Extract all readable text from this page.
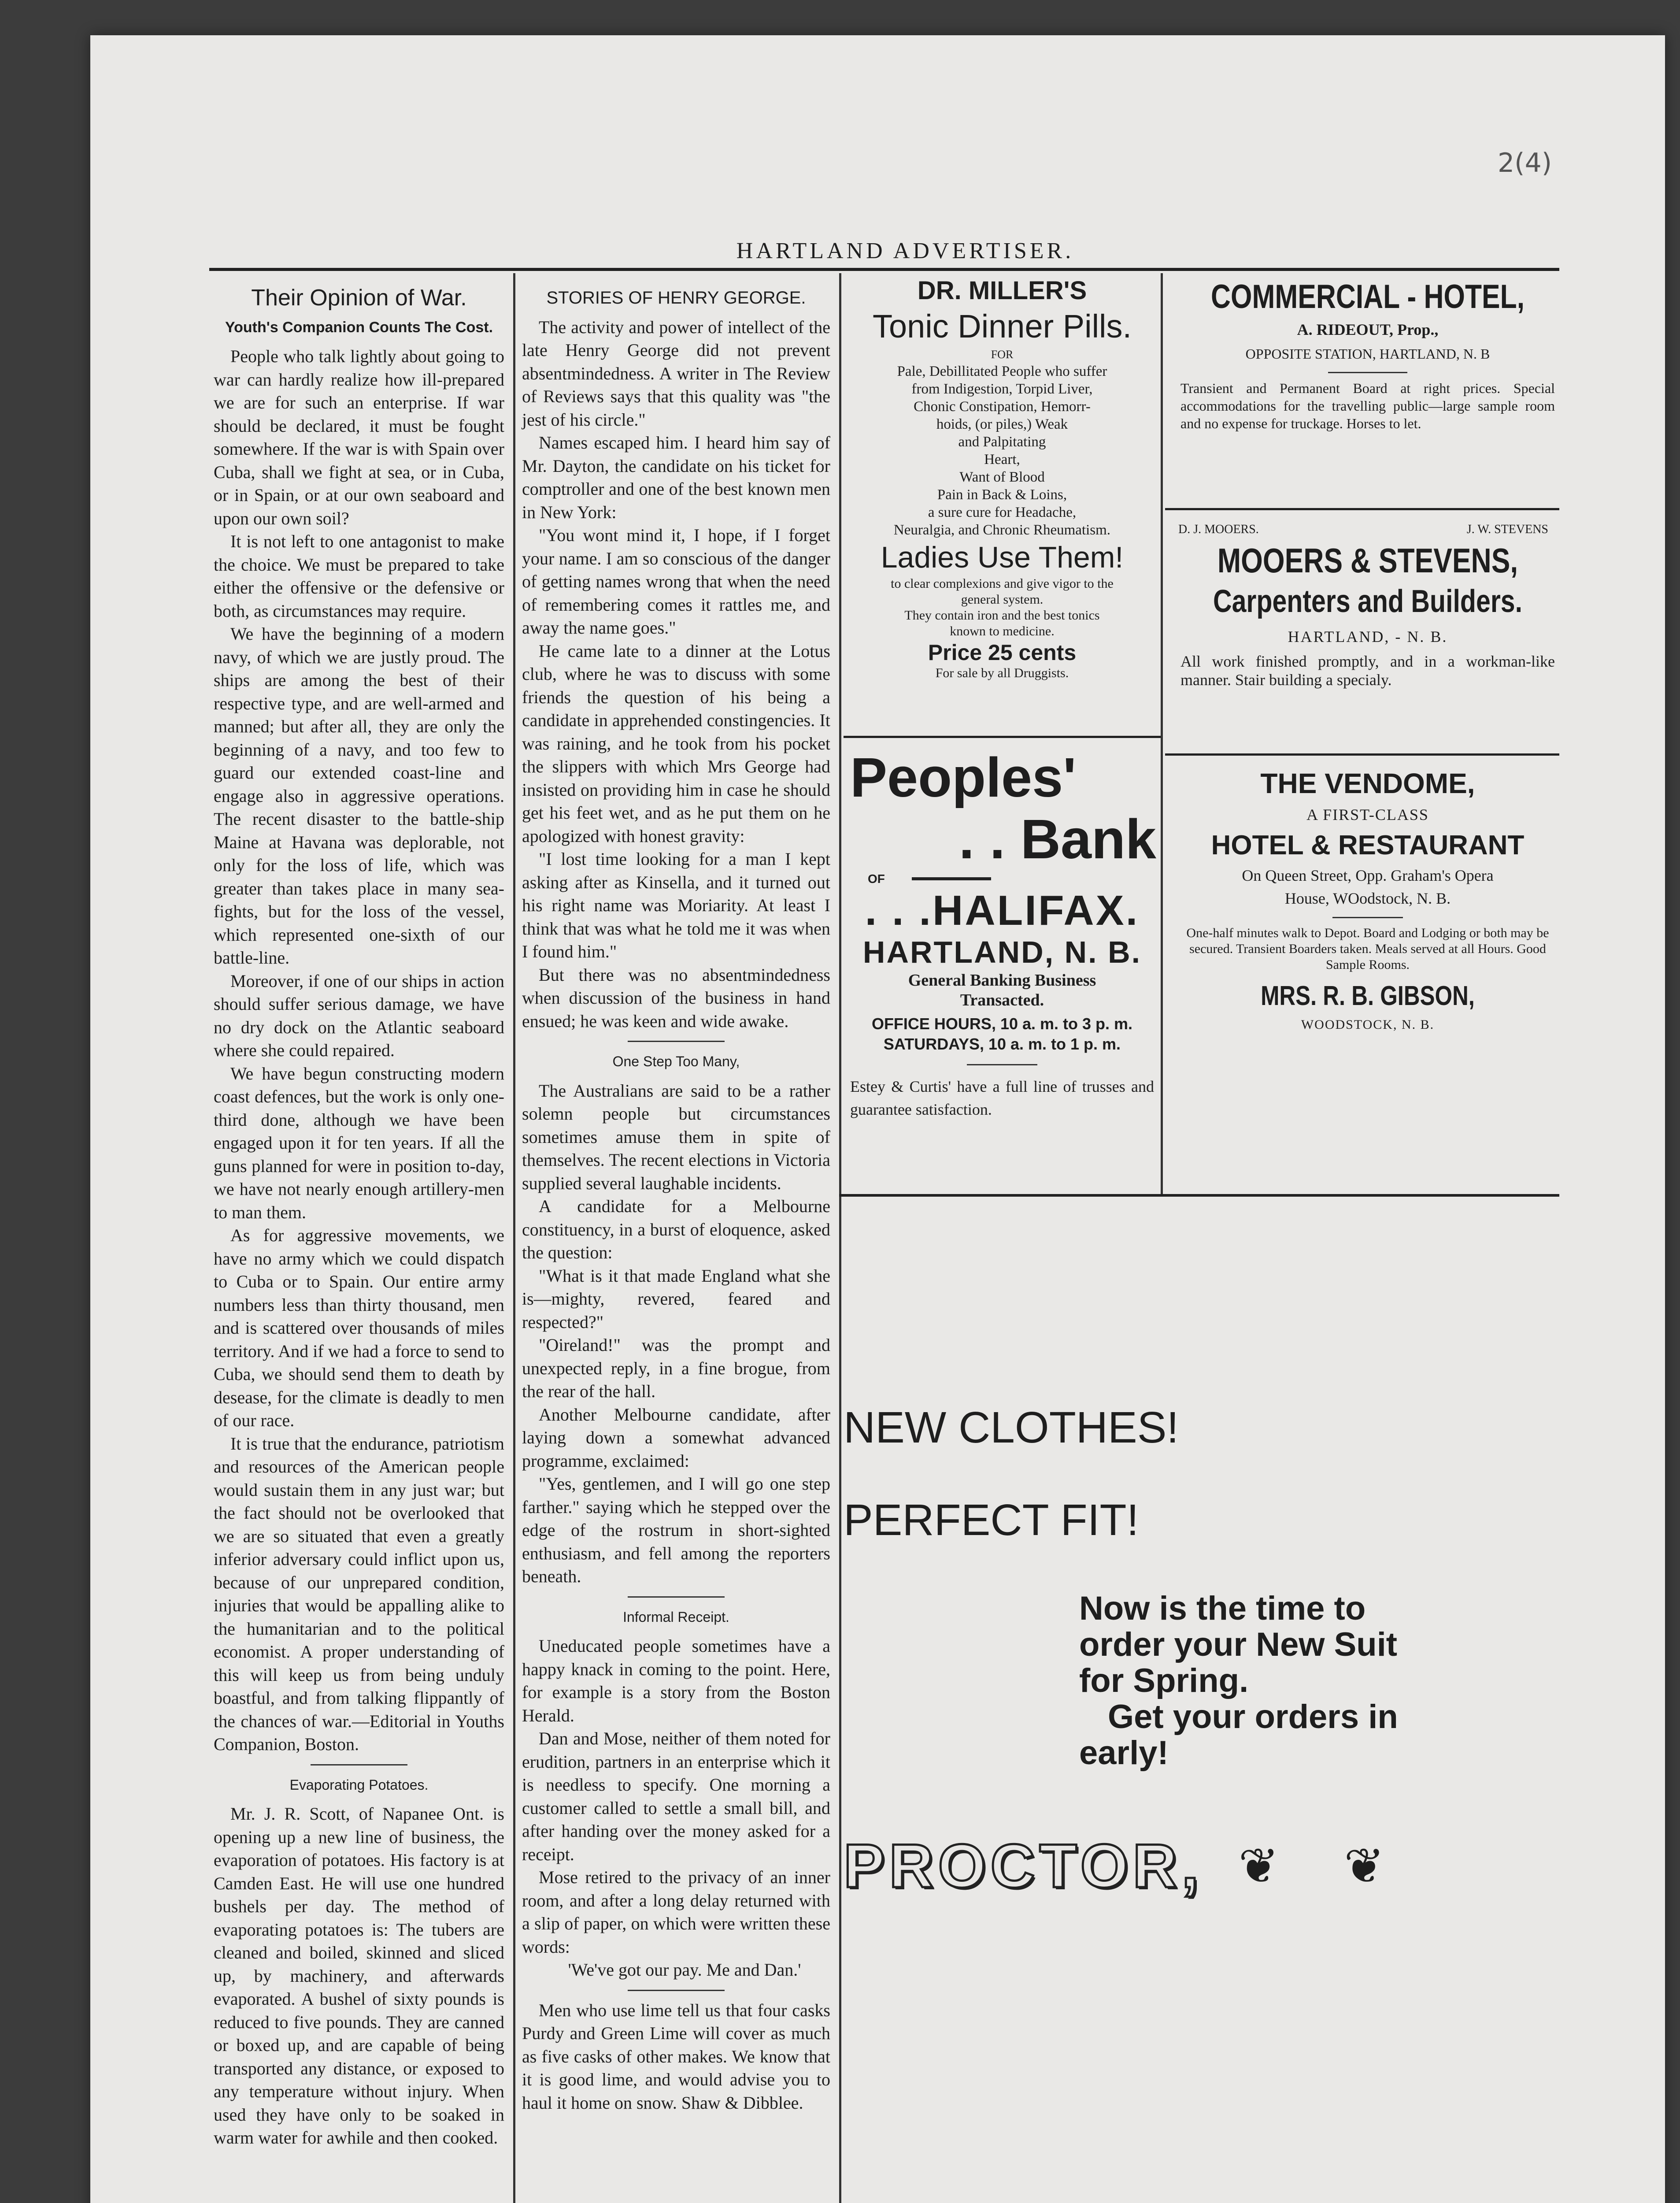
2(4)
HARTLAND ADVERTISER.
Their Opinion of War.
Youth's Companion Counts The Cost.

People who talk lightly about going to war can hardly realize how ill-prepared we are for such an enterprise. If war should be declared, it must be fought somewhere. If the war is with Spain over Cuba, shall we fight at sea, or in Cuba, or in Spain, or at our own seaboard and upon our own soil?

It is not left to one antagonist to make the choice. We must be prepared to take either the offensive or the defensive or both, as circumstances may require.

We have the beginning of a modern navy, of which we are justly proud. The ships are among the best of their respective type, and are well-armed and manned; but after all, they are only the beginning of a navy, and too few to guard our extended coast-line and engage also in aggressive operations. The recent disaster to the battle-ship Maine at Havana was deplorable, not only for the loss of life, which was greater than takes place in many sea-fights, but for the loss of the vessel, which represented one-sixth of our battle-line.

Moreover, if one of our ships in action should suffer serious damage, we have no dry dock on the Atlantic seaboard where she could repaired.

We have begun constructing modern coast defences, but the work is only one-third done, although we have been engaged upon it for ten years. If all the guns planned for were in position to-day, we have not nearly enough artillery-men to man them.

As for aggressive movements, we have no army which we could dispatch to Cuba or to Spain. Our entire army numbers less than thirty thousand, men and is scattered over thousands of miles territory. And if we had a force to send to Cuba, we should send them to death by desease, for the climate is deadly to men of our race.

It is true that the endurance, patriotism and resources of the American people would sustain them in any just war; but the fact should not be overlooked that we are so situated that even a greatly inferior adversary could inflict upon us, because of our unprepared condition, injuries that would be appalling alike to the humanitarian and to the political economist. A proper understanding of this will keep us from being unduly boastful, and from talking flippantly of the chances of war.—Editorial in Youths Companion, Boston.

Evaporating Potatoes.

Mr. J. R. Scott, of Napanee Ont. is opening up a new line of business, the evaporation of potatoes. His factory is at Camden East. He will use one hundred bushels per day. The method of evaporating potatoes is: The tubers are cleaned and boiled, skinned and sliced up, by machinery, and afterwards evaporated. A bushel of sixty pounds is reduced to five pounds. They are canned or boxed up, and are capable of being transported any distance, or exposed to any temperature without injury. When used they have only to be soaked in warm water for awhile and then cooked.

STORIES OF HENRY GEORGE.

The activity and power of intellect of the late Henry George did not prevent absentmindedness. A writer in The Review of Reviews says that this quality was "the jest of his circle."

Names escaped him. I heard him say of Mr. Dayton, the candidate on his ticket for comptroller and one of the best known men in New York:

"You wont mind it, I hope, if I forget your name. I am so conscious of the danger of getting names wrong that when the need of remembering comes it rattles me, and away the name goes."

He came late to a dinner at the Lotus club, where he was to discuss with some friends the question of his being a candidate in apprehended constingencies. It was raining, and he took from his pocket the slippers with which Mrs George had insisted on providing him in case he should get his feet wet, and as he put them on he apologized with honest gravity:

"I lost time looking for a man I kept asking after as Kinsella, and it turned out his right name was Moriarity. At least I think that was what he told me it was when I found him."

But there was no absentmindedness when discussion of the business in hand ensued; he was keen and wide awake.

One Step Too Many,

The Australians are said to be a rather solemn people but circumstances sometimes amuse them in spite of themselves. The recent elections in Victoria supplied several laughable incidents.

A candidate for a Melbourne constituency, in a burst of eloquence, asked the question:

"What is it that made England what she is—mighty, revered, feared and respected?"

"Oireland!" was the prompt and unexpected reply, in a fine brogue, from the rear of the hall.

Another Melbourne candidate, after laying down a somewhat advanced programme, exclaimed:

"Yes, gentlemen, and I will go one step farther." saying which he stepped over the edge of the rostrum in short-sighted enthusiasm, and fell among the reporters beneath.

Informal Receipt.

Uneducated people sometimes have a happy knack in coming to the point. Here, for example is a story from the Boston Herald.

Dan and Mose, neither of them noted for erudition, partners in an enterprise which it is needless to specify. One morning a customer called to settle a small bill, and after handing over the money asked for a receipt.

Mose retired to the privacy of an inner room, and after a long delay returned with a slip of paper, on which were written these words:

'We've got our pay. Me and Dan.'

Men who use lime tell us that four casks Purdy and Green Lime will cover as much as five casks of other makes. We know that it is good lime, and would advise you to haul it home on snow. Shaw & Dibblee.

DR. MILLER'S
Tonic Dinner Pills.
FOR
Pale, Debillitated People who suffer
from Indigestion, Torpid Liver,
Chonic Constipation, Hemorr-
hoids, (or piles,) Weak
and Palpitating
Heart,
Want of Blood
Pain in Back & Loins,
a sure cure for Headache,
Neuralgia, and Chronic Rheumatism.
Ladies Use Them!
to clear complexions and give vigor to the
general system.
They contain iron and the best tonics
known to medicine.
Price 25 cents
For sale by all Druggists.
Peoples'
. . Bank
OF
. . .HALIFAX.
HARTLAND, N. B.
General Banking Business
Transacted.
OFFICE HOURS, 10 a. m. to 3 p. m.
SATURDAYS, 10 a. m. to 1 p. m.
Estey & Curtis' have a full line of trusses and guarantee satisfaction.
COMMERCIAL - HOTEL,
A. RIDEOUT, Prop.,
OPPOSITE STATION, HARTLAND, N. B
Transient and Permanent Board at right prices. Special accommodations for the travelling public—large sample room and no expense for truckage. Horses to let.
D. J. MOOERS.	J. W. STEVENS
MOOERS & STEVENS,
Carpenters and Builders.
HARTLAND, - N. B.
All work finished promptly, and in a workman-like manner. Stair building a specialy.
THE VENDOME,
A FIRST-CLASS
HOTEL & RESTAURANT
On Queen Street, Opp. Graham's Opera
House, WOodstock, N. B.
One-half minutes walk to Depot. Board and Lodging or both may be secured. Transient Boarders taken. Meals served at all Hours. Good Sample Rooms.
MRS. R. B. GIBSON,
WOODSTOCK, N. B.
NEW CLOTHES!
PERFECT FIT!
Now is the time to
order your New Suit
for Spring.
Get your orders in
early!
PROCTOR, ❦ ❦
